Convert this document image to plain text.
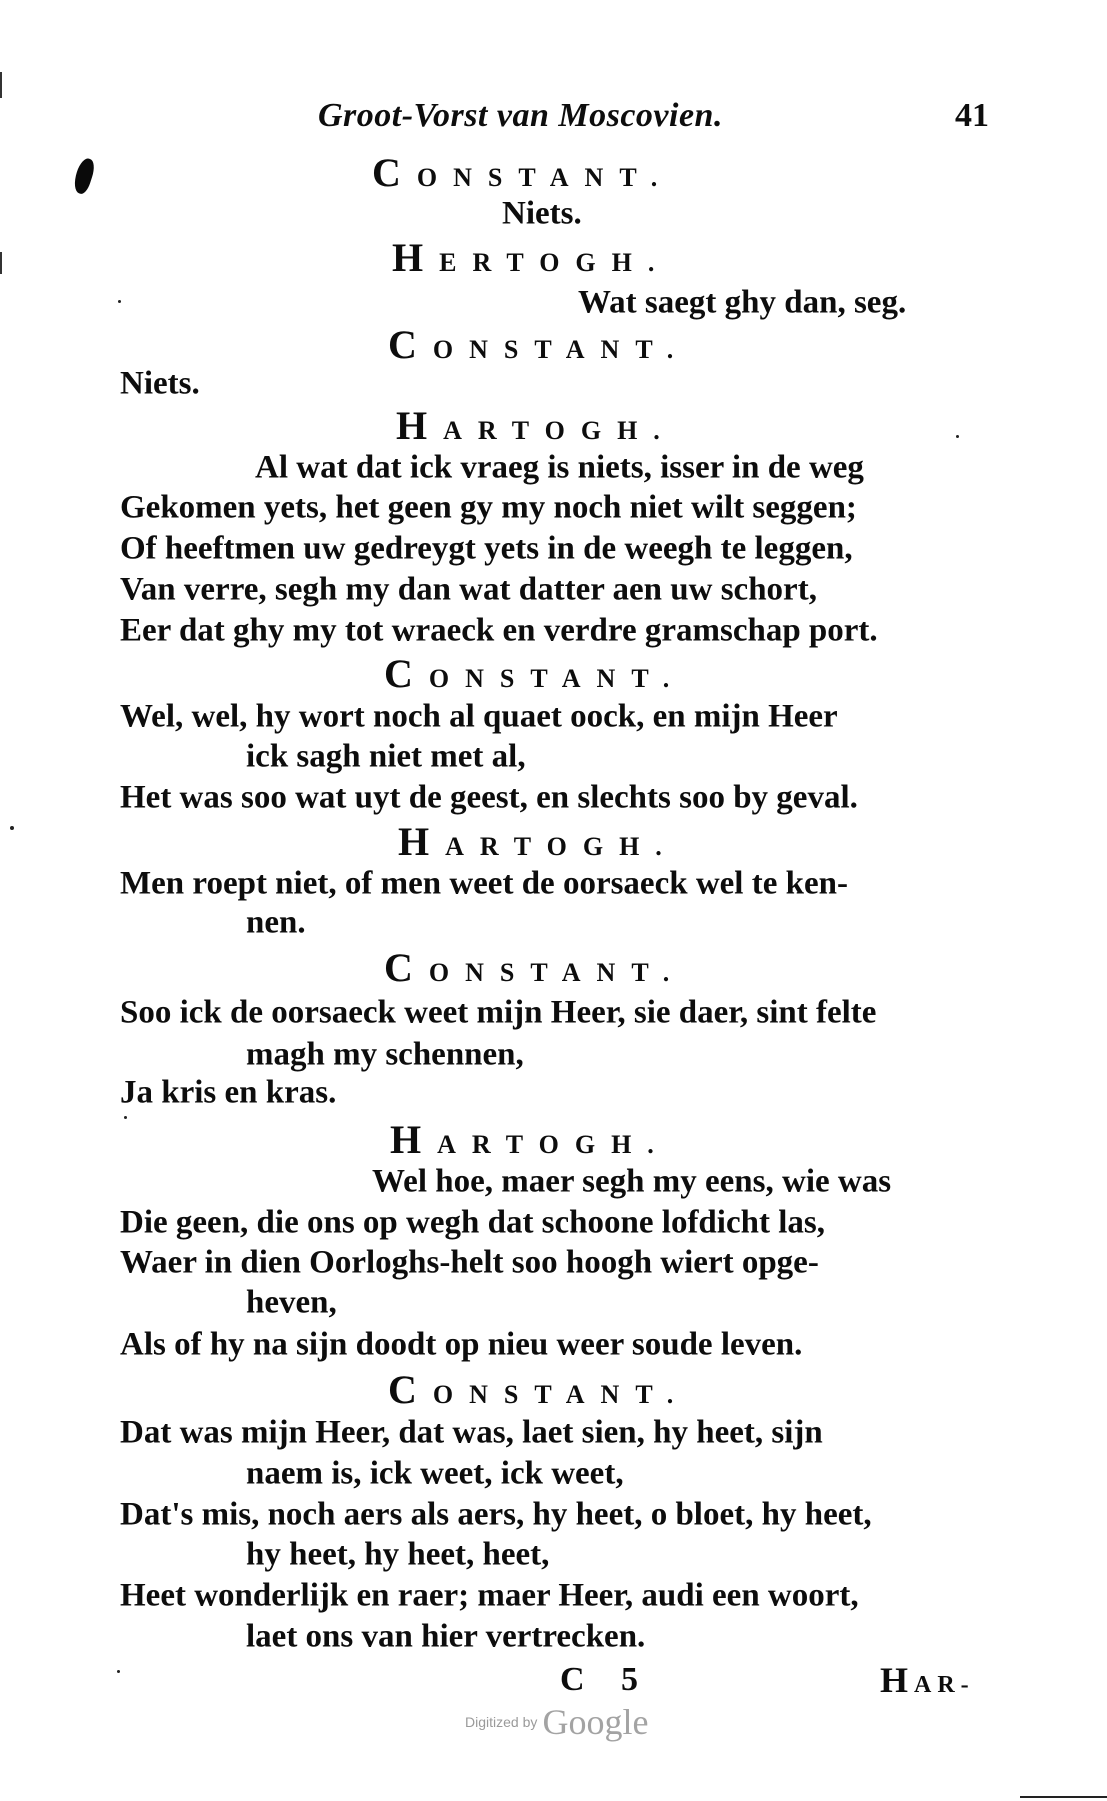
Groot-Vorst van Moscovien.	41
CONSTANT.
Niets.
HERTOGH.
Wat saegt ghy dan, seg.
CONSTANT.
Niets.
HARTOGH.
Al wat dat ick vraeg is niets, isser in de weg
Gekomen yets, het geen gy my noch niet wilt seggen;
Of heeftmen uw gedreygt yets in de weegh te leggen,
Van verre, segh my dan wat datter aen uw schort,
Eer dat ghy my tot wraeck en verdre gramschap port.
CONSTANT.
Wel, wel, hy wort noch al quaet oock, en mijn Heer
ick sagh niet met al,
Het was soo wat uyt de geest, en slechts soo by geval.
HARTOGH.
Men roept niet, of men weet de oorsaeck wel te ken-
nen.
CONSTANT.
Soo ick de oorsaeck weet mijn Heer, sie daer, sint felte
magh my schennen,
Ja kris en kras.
HARTOGH.
Wel hoe, maer segh my eens, wie was
Die geen, die ons op wegh dat schoone lofdicht las,
Waer in dien Oorloghs-helt soo hoogh wiert opge-
heven,
Als of hy na sijn doodt op nieu weer soude leven.
CONSTANT.
Dat was mijn Heer, dat was, laet sien, hy heet, sijn
naem is, ick weet, ick weet,
Dat's mis, noch aers als aers, hy heet, o bloet, hy heet,
hy heet, hy heet, heet,
Heet wonderlijk en raer; maer Heer, audi een woort,
laet ons van hier vertrecken.
C 5	HAR-
Digitized by Google
